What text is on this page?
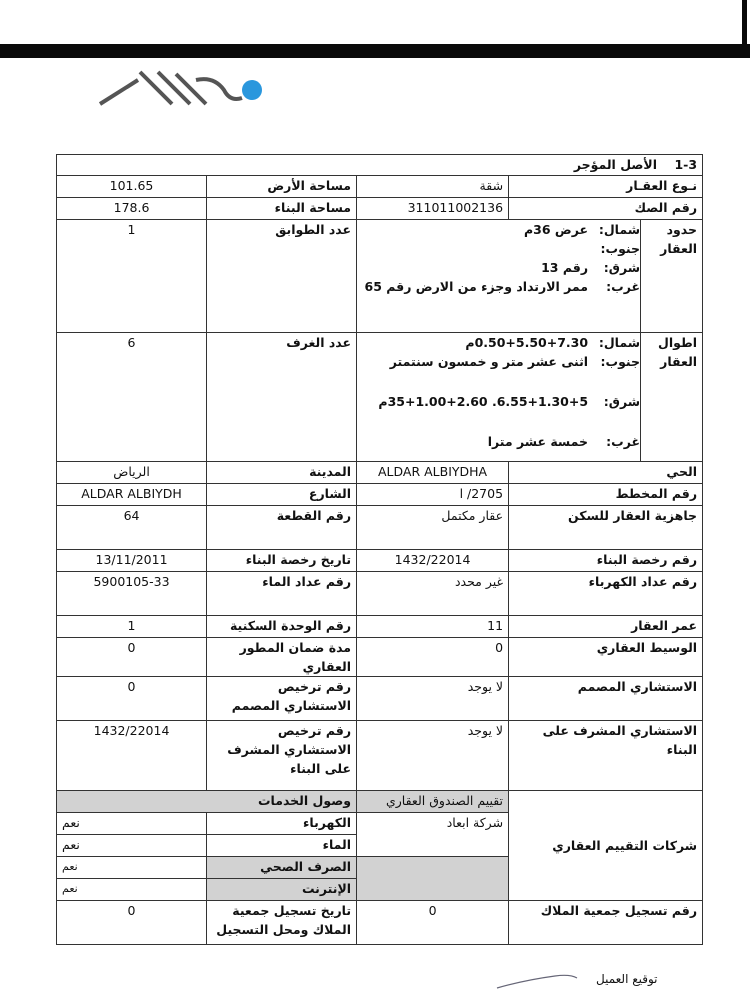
1-3    الأصل المؤجر
نـوع العقـار	شقة	مساحة الأرض	101.65
رقم الصك	311011002136	مساحة البناء	178.6
حدود العقار	
شمال:	عرض 36م
جنوب:	
شرق:	رقم 13
غرب:	ممر الارتداد وجزء من الارض رقم 65
	عدد الطوابق	1
اطوال العقار	
شمال:	0.50+5.50+7.30م
جنوب:	اثنى عشر متر و خمسون سنتمتر
شرق:	6.55+1.30+5. 35+1.00+2.60م
غرب:	خمسة عشر مترا
	عدد الغرف	6
الحي	ALDAR ALBIYDHA	المدينة	الرياض
رقم المخطط	2705/ ا	الشارع	ALDAR ALBIYDH
جاهزية العقار للسكن	عقار مكتمل	رقم القطعة	64
رقم رخصة البناء	1432/22014	تاريخ رخصة البناء	13/11/2011
رقم عداد الكهرباء	غير محدد	رقم عداد الماء	5900105-33
عمر العقار	11	رقم الوحدة السكنية	1
الوسيط العقاري	0	مدة ضمان المطور العقاري	0
الاستشاري المصمم	لا يوجد	رقم ترخيص الاستشاري المصمم	0
الاستشاري المشرف على البناء	لا يوجد	رقم ترخيص الاستشاري المشرف على البناء	1432/22014
شركات التقييم العقاري	تقييم الصندوق العقاري	وصول الخدمات
شركة ابعاد	الكهرباء	نعم
الماء	نعم
	الصرف الصحي	نعم
الإنترنت	نعم
رقم تسجيل جمعية الملاك	0	تاريخ تسجيل جمعية الملاك ومحل التسجيل	0
توقيع العميل
